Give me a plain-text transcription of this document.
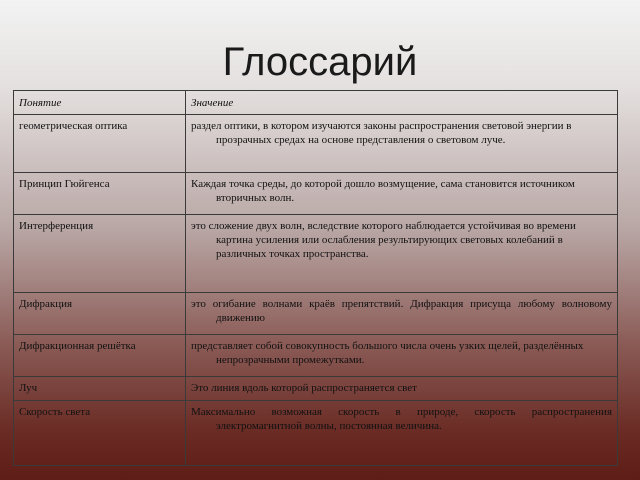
Глоссарий
Понятие	Значение
геометрическая оптика	раздел оптики, в котором изучаются законы распространения световой энергии в прозрачных средах на основе представления о световом луче.
Принцип Гюйгенса	Каждая точка среды, до которой дошло возмущение, сама становится источником вторичных волн.
Интерференция	это сложение двух волн, вследствие которого наблюдается устойчивая во времени картина усиления или ослабления результирующих световых колебаний в различных точках пространства.
Дифракция	это огибание волнами краёв препятствий. Дифракция присуща любому волновому движению
Дифракционная решётка	представляет собой совокупность большого числа очень узких щелей, разделённых непрозрачными промежутками.
Луч	Это линия вдоль которой распространяется свет
Скорость света	Максимально возможная скорость в природе, скорость распространения электромагнитной волны, постоянная величина.
